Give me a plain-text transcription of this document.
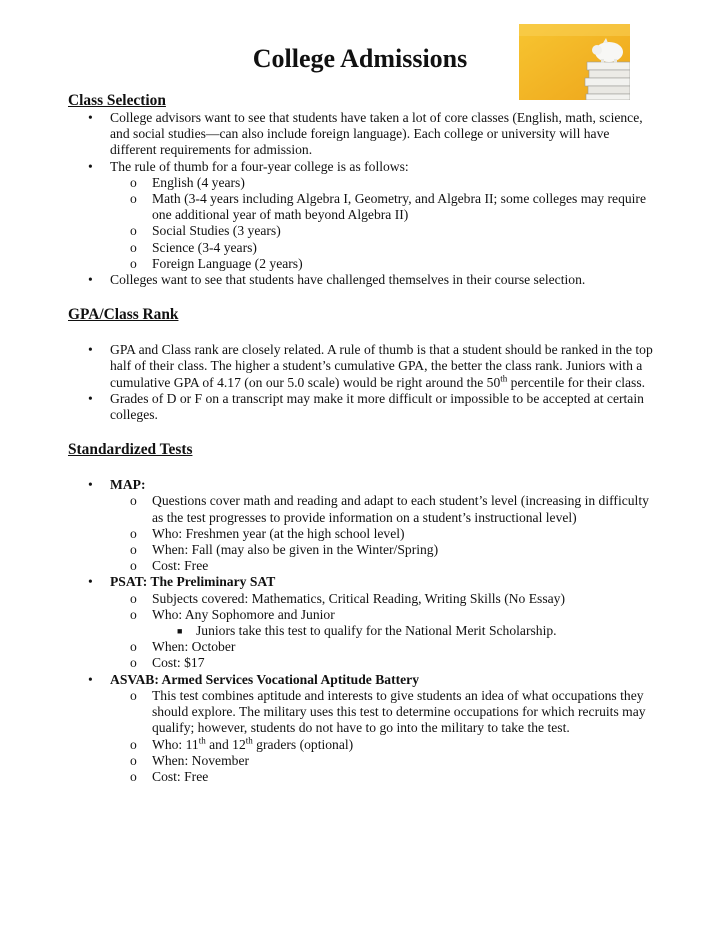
College Admissions
Class Selection
• College advisors want to see that students have taken a lot of core classes (English, math, science, and social studies—can also include foreign language). Each college or university will have different requirements for admission.
• The rule of thumb for a four-year college is as follows:
o English (4 years)
o Math (3-4 years including Algebra I, Geometry, and Algebra II; some colleges may require one additional year of math beyond Algebra II)
o Social Studies (3 years)
o Science (3-4 years)
o Foreign Language (2 years)
• Colleges want to see that students have challenged themselves in their course selection.
GPA/Class Rank
• GPA and Class rank are closely related. A rule of thumb is that a student should be ranked in the top half of their class. The higher a student’s cumulative GPA, the better the class rank. Juniors with a cumulative GPA of 4.17 (on our 5.0 scale) would be right around the 50th percentile for their class.
• Grades of D or F on a transcript may make it more difficult or impossible to be accepted at certain colleges.
Standardized Tests
• MAP:
o Questions cover math and reading and adapt to each student’s level (increasing in difficulty as the test progresses to provide information on a student’s instructional level)
o Who: Freshmen year (at the high school level)
o When: Fall (may also be given in the Winter/Spring)
o Cost: Free
• PSAT: The Preliminary SAT
o Subjects covered: Mathematics, Critical Reading, Writing Skills (No Essay)
o Who: Any Sophomore and Junior
■ Juniors take this test to qualify for the National Merit Scholarship.
o When: October
o Cost: $17
• ASVAB: Armed Services Vocational Aptitude Battery
o This test combines aptitude and interests to give students an idea of what occupations they should explore. The military uses this test to determine occupations for which recruits may qualify; however, students do not have to go into the military to take the test.
o Who: 11th and 12th graders (optional)
o When: November
o Cost: Free
